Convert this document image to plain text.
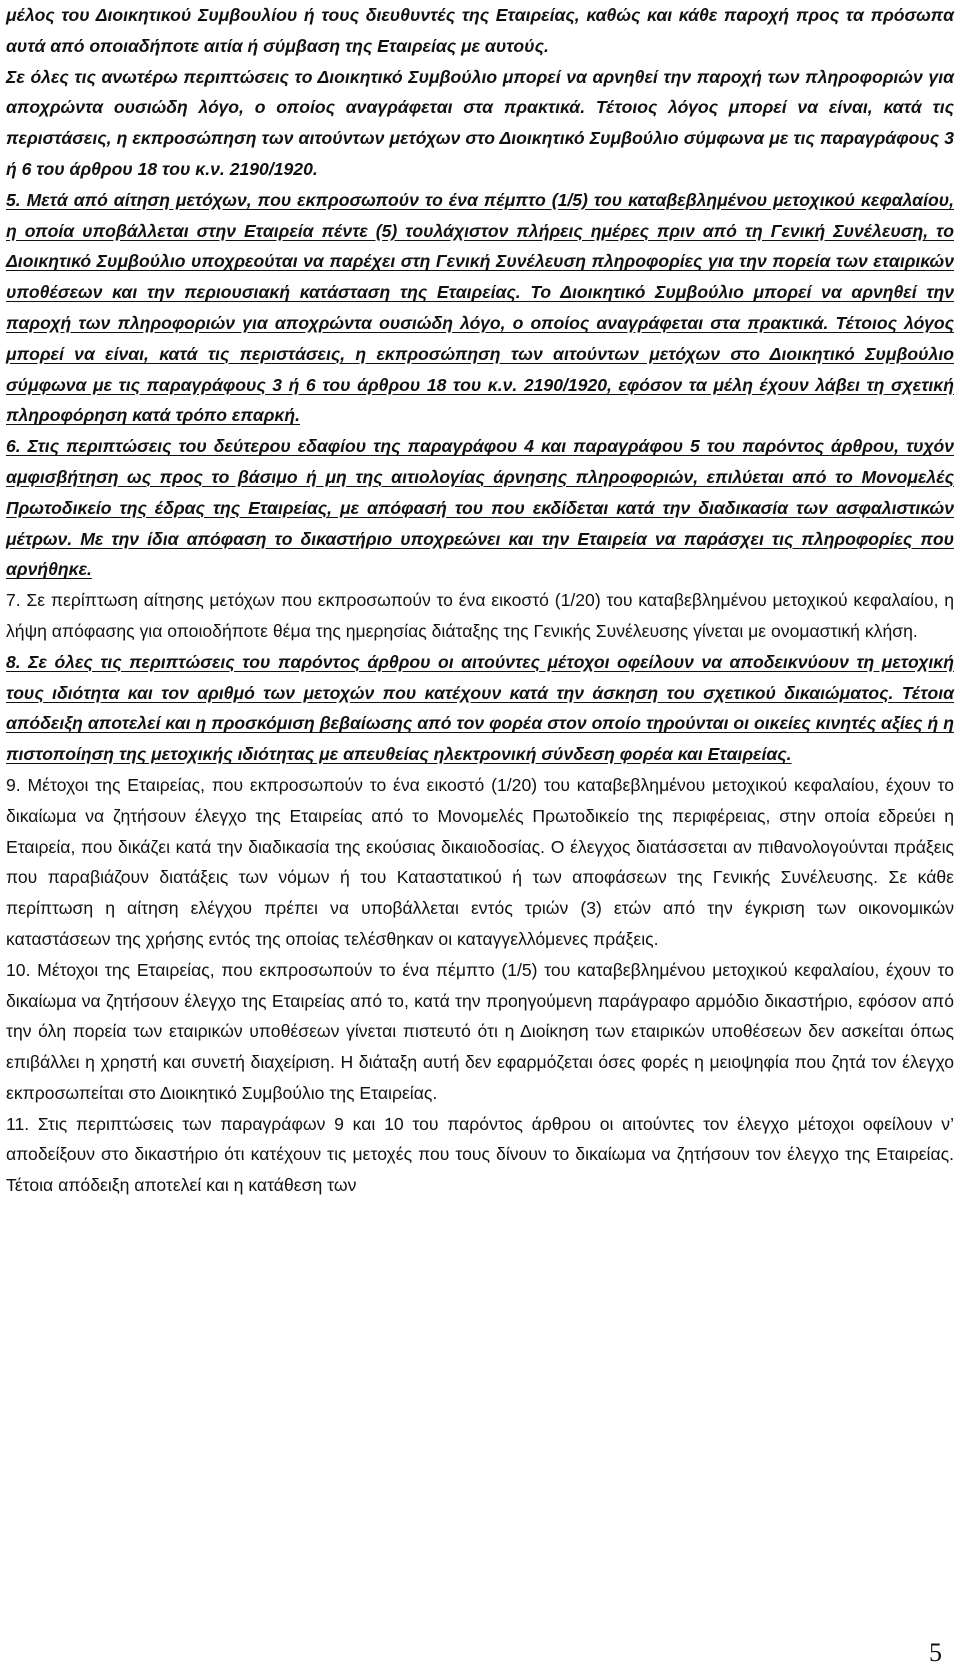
μέλος του Διοικητικού Συμβουλίου ή τους διευθυντές της Εταιρείας, καθώς και κάθε παροχή προς τα πρόσωπα αυτά από οποιαδήποτε αιτία ή σύμβαση της Εταιρείας με αυτούς.

Σε όλες τις ανωτέρω περιπτώσεις το Διοικητικό Συμβούλιο μπορεί να αρνηθεί την παροχή των πληροφοριών για αποχρώντα ουσιώδη λόγο, ο οποίος αναγράφεται στα πρακτικά. Τέτοιος λόγος μπορεί να είναι, κατά τις περιστάσεις, η εκπροσώπηση των αιτούντων μετόχων στο Διοικητικό Συμβούλιο σύμφωνα με τις παραγράφους 3 ή 6 του άρθρου 18 του κ.ν. 2190/1920.

5. Μετά από αίτηση μετόχων, που εκπροσωπούν το ένα πέμπτο (1/5) του καταβεβλημένου μετοχικού κεφαλαίου, η οποία υποβάλλεται στην Εταιρεία πέντε (5) τουλάχιστον πλήρεις ημέρες πριν από τη Γενική Συνέλευση, το Διοικητικό Συμβούλιο υποχρεούται να παρέχει στη Γενική Συνέλευση πληροφορίες για την πορεία των εταιρικών υποθέσεων και την περιουσιακή κατάσταση της Εταιρείας. Το Διοικητικό Συμβούλιο μπορεί να αρνηθεί την παροχή των πληροφοριών για αποχρώντα ουσιώδη λόγο, ο οποίος αναγράφεται στα πρακτικά. Τέτοιος λόγος μπορεί να είναι, κατά τις περιστάσεις, η εκπροσώπηση των αιτούντων μετόχων στο Διοικητικό Συμβούλιο σύμφωνα με τις παραγράφους 3 ή 6 του άρθρου 18 του κ.ν. 2190/1920, εφόσον τα μέλη έχουν λάβει τη σχετική πληροφόρηση κατά τρόπο επαρκή.

6. Στις περιπτώσεις του δεύτερου εδαφίου της παραγράφου 4 και παραγράφου 5 του παρόντος άρθρου, τυχόν αμφισβήτηση ως προς το βάσιμο ή μη της αιτιολογίας άρνησης πληροφοριών, επιλύεται από το Μονομελές Πρωτοδικείο της έδρας της Εταιρείας, με απόφασή του που εκδίδεται κατά την διαδικασία των ασφαλιστικών μέτρων. Με την ίδια απόφαση το δικαστήριο υποχρεώνει και την Εταιρεία να παράσχει τις πληροφορίες που αρνήθηκε.

7. Σε περίπτωση αίτησης μετόχων που εκπροσωπούν το ένα εικοστό (1/20) του καταβεβλημένου μετοχικού κεφαλαίου, η λήψη απόφασης για οποιοδήποτε θέμα της ημερησίας διάταξης της Γενικής Συνέλευσης γίνεται με ονομαστική κλήση.

8. Σε όλες τις περιπτώσεις του παρόντος άρθρου οι αιτούντες μέτοχοι οφείλουν να αποδεικνύουν τη μετοχική τους ιδιότητα και τον αριθμό των μετοχών που κατέχουν κατά την άσκηση του σχετικού δικαιώματος. Τέτοια απόδειξη αποτελεί και η προσκόμιση βεβαίωσης από τον φορέα στον οποίο τηρούνται οι οικείες κινητές αξίες ή η πιστοποίηση της μετοχικής ιδιότητας με απευθείας ηλεκτρονική σύνδεση φορέα και Εταιρείας.

9. Μέτοχοι της Εταιρείας, που εκπροσωπούν το ένα εικοστό (1/20) του καταβεβλημένου μετοχικού κεφαλαίου, έχουν το δικαίωμα να ζητήσουν έλεγχο της Εταιρείας από το Μονομελές Πρωτοδικείο της περιφέρειας, στην οποία εδρεύει η Εταιρεία, που δικάζει κατά την διαδικασία της εκούσιας δικαιοδοσίας. Ο έλεγχος διατάσσεται αν πιθανολογούνται πράξεις που παραβιάζουν διατάξεις των νόμων ή του Καταστατικού ή των αποφάσεων της Γενικής Συνέλευσης. Σε κάθε περίπτωση η αίτηση ελέγχου πρέπει να υποβάλλεται εντός τριών (3) ετών από την έγκριση των οικονομικών καταστάσεων της χρήσης εντός της οποίας τελέσθηκαν οι καταγγελλόμενες πράξεις.

10. Μέτοχοι της Εταιρείας, που εκπροσωπούν το ένα πέμπτο (1/5) του καταβεβλημένου μετοχικού κεφαλαίου, έχουν το δικαίωμα να ζητήσουν έλεγχο της Εταιρείας από το, κατά την προηγούμενη παράγραφο αρμόδιο δικαστήριο, εφόσον από την όλη πορεία των εταιρικών υποθέσεων γίνεται πιστευτό ότι η Διοίκηση των εταιρικών υποθέσεων δεν ασκείται όπως επιβάλλει η χρηστή και συνετή διαχείριση. Η διάταξη αυτή δεν εφαρμόζεται όσες φορές η μειοψηφία που ζητά τον έλεγχο εκπροσωπείται στο Διοικητικό Συμβούλιο της Εταιρείας.

11. Στις περιπτώσεις των παραγράφων 9 και 10 του παρόντος άρθρου οι αιτούντες τον έλεγχο μέτοχοι οφείλουν ν’ αποδείξουν στο δικαστήριο ότι κατέχουν τις μετοχές που τους δίνουν το δικαίωμα να ζητήσουν τον έλεγχο της Εταιρείας. Τέτοια απόδειξη αποτελεί και η κατάθεση των

5
